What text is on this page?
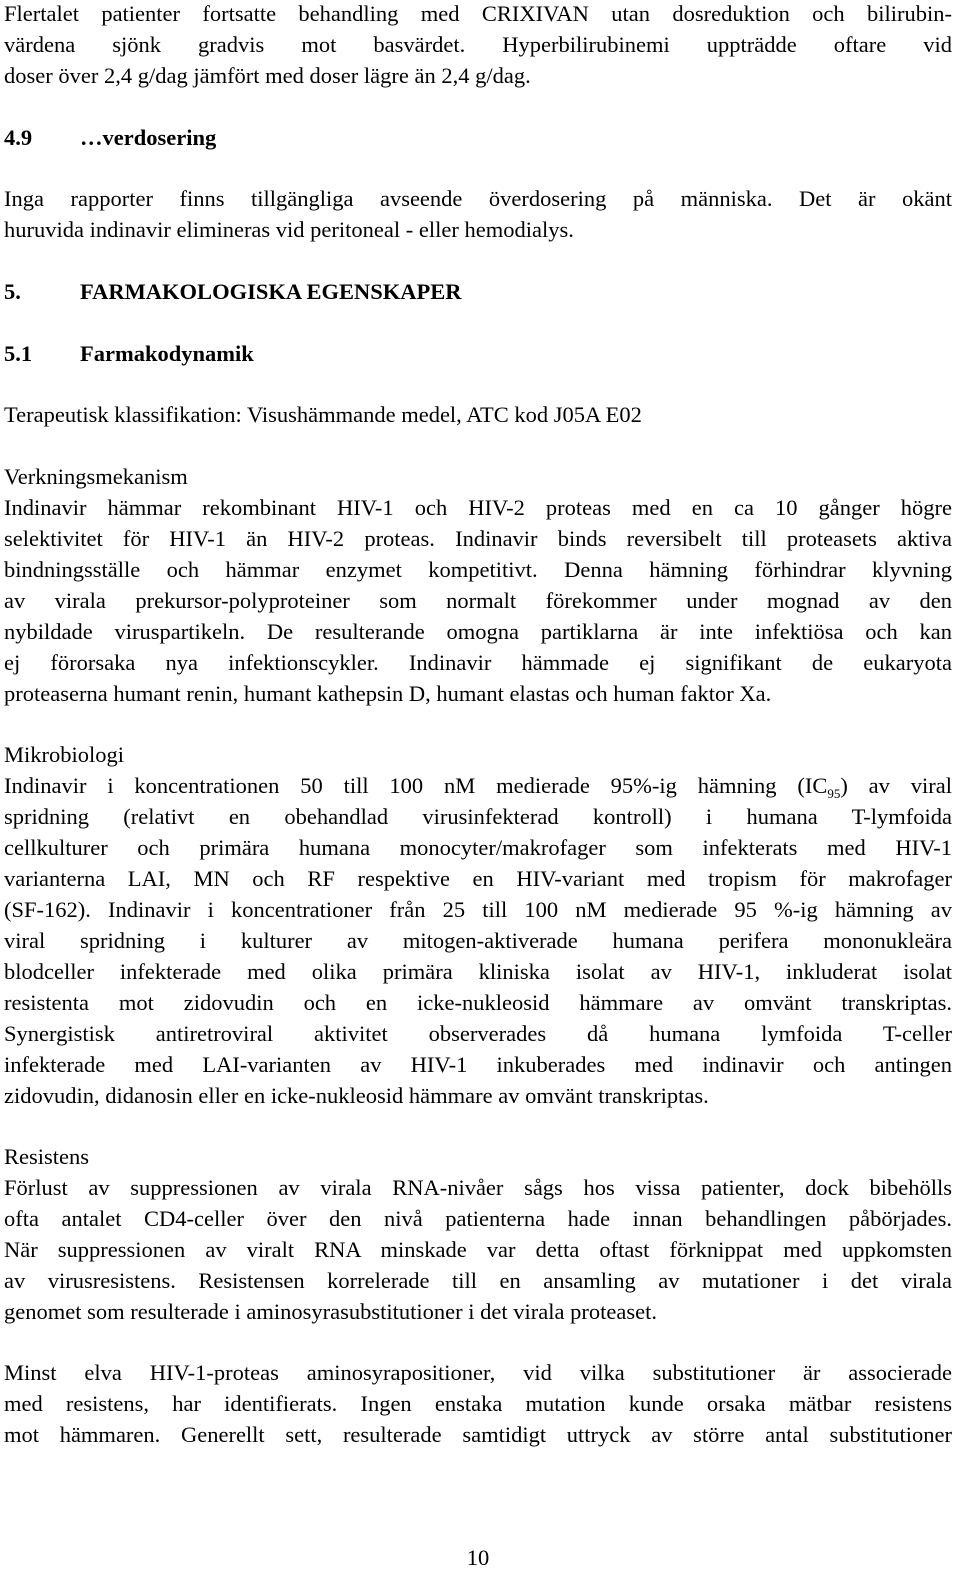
Flertalet patienter fortsatte behandling med CRIXIVAN utan dosreduktion och bilirubin-
värdena sjönk gradvis mot basvärdet. Hyperbilirubinemi uppträdde oftare vid
doser över 2,4 g/dag jämfört med doser lägre än 2,4 g/dag.
4.9 …verdosering
Inga rapporter finns tillgängliga avseende överdosering på människa. Det är okänt
huruvida indinavir elimineras vid peritoneal - eller hemodialys.
5.	FARMAKOLOGISKA EGENSKAPER
5.1 Farmakodynamik
Terapeutisk klassifikation: Visushämmande medel, ATC kod J05A E02
Verkningsmekanism
Indinavir hämmar rekombinant HIV-1 och HIV-2 proteas med en ca 10 gånger högre
selektivitet för HIV-1 än HIV-2 proteas. Indinavir binds reversibelt till proteasets aktiva
bindningsställe och hämmar enzymet kompetitivt. Denna hämning förhindrar klyvning
av virala prekursor-polyproteiner som normalt förekommer under mognad av den
nybildade viruspartikeln. De resulterande omogna partiklarna är inte infektiösa och kan
ej förorsaka nya infektionscykler. Indinavir hämmade ej signifikant de eukaryota
proteaserna humant renin, humant kathepsin D, humant elastas och human faktor Xa.
Mikrobiologi
Indinavir i koncentrationen 50 till 100 nM medierade 95%-ig hämning $(IC_{95})$ av viral
spridning (relativt en obehandlad virusinfekterad kontroll) i humana T-lymfoida
cellkulturer och primära humana monocyter/makrofager som infekterats med HIV-1
varianterna LAI, MN och RF respektive en HIV-variant med tropism för makrofager
(SF-162). Indinavir i koncentrationer från 25 till 100 nM medierade 95 %-ig hämning av
viral spridning i kulturer av mitogen-aktiverade humana perifera mononukleära
blodceller infekterade med olika primära kliniska isolat av HIV-1, inkluderat isolat
resistenta mot zidovudin och en icke-nukleosid hämmare av omvänt transkriptas.
Synergistisk antiretroviral aktivitet observerades då humana lymfoida T-celler
infekterade med LAI-varianten av HIV-1 inkuberades med indinavir och antingen
zidovudin, didanosin eller en icke-nukleosid hämmare av omvänt transkriptas.
Resistens
Förlust av suppressionen av virala RNA-nivåer sågs hos vissa patienter, dock bibehölls
ofta antalet CD4-celler över den nivå patienterna hade innan behandlingen påbörjades.
När suppressionen av viralt RNA minskade var detta oftast förknippat med uppkomsten
av virusresistens. Resistensen korrelerade till en ansamling av mutationer i det virala
genomet som resulterade i aminosyrasubstitutioner i det virala proteaset.
Minst elva HIV-1-proteas aminosyrapositioner, vid vilka substitutioner är associerade
med resistens, har identifierats. Ingen enstaka mutation kunde orsaka mätbar resistens
mot hämmaren. Generellt sett, resulterade samtidigt uttryck av större antal substitutioner
10
